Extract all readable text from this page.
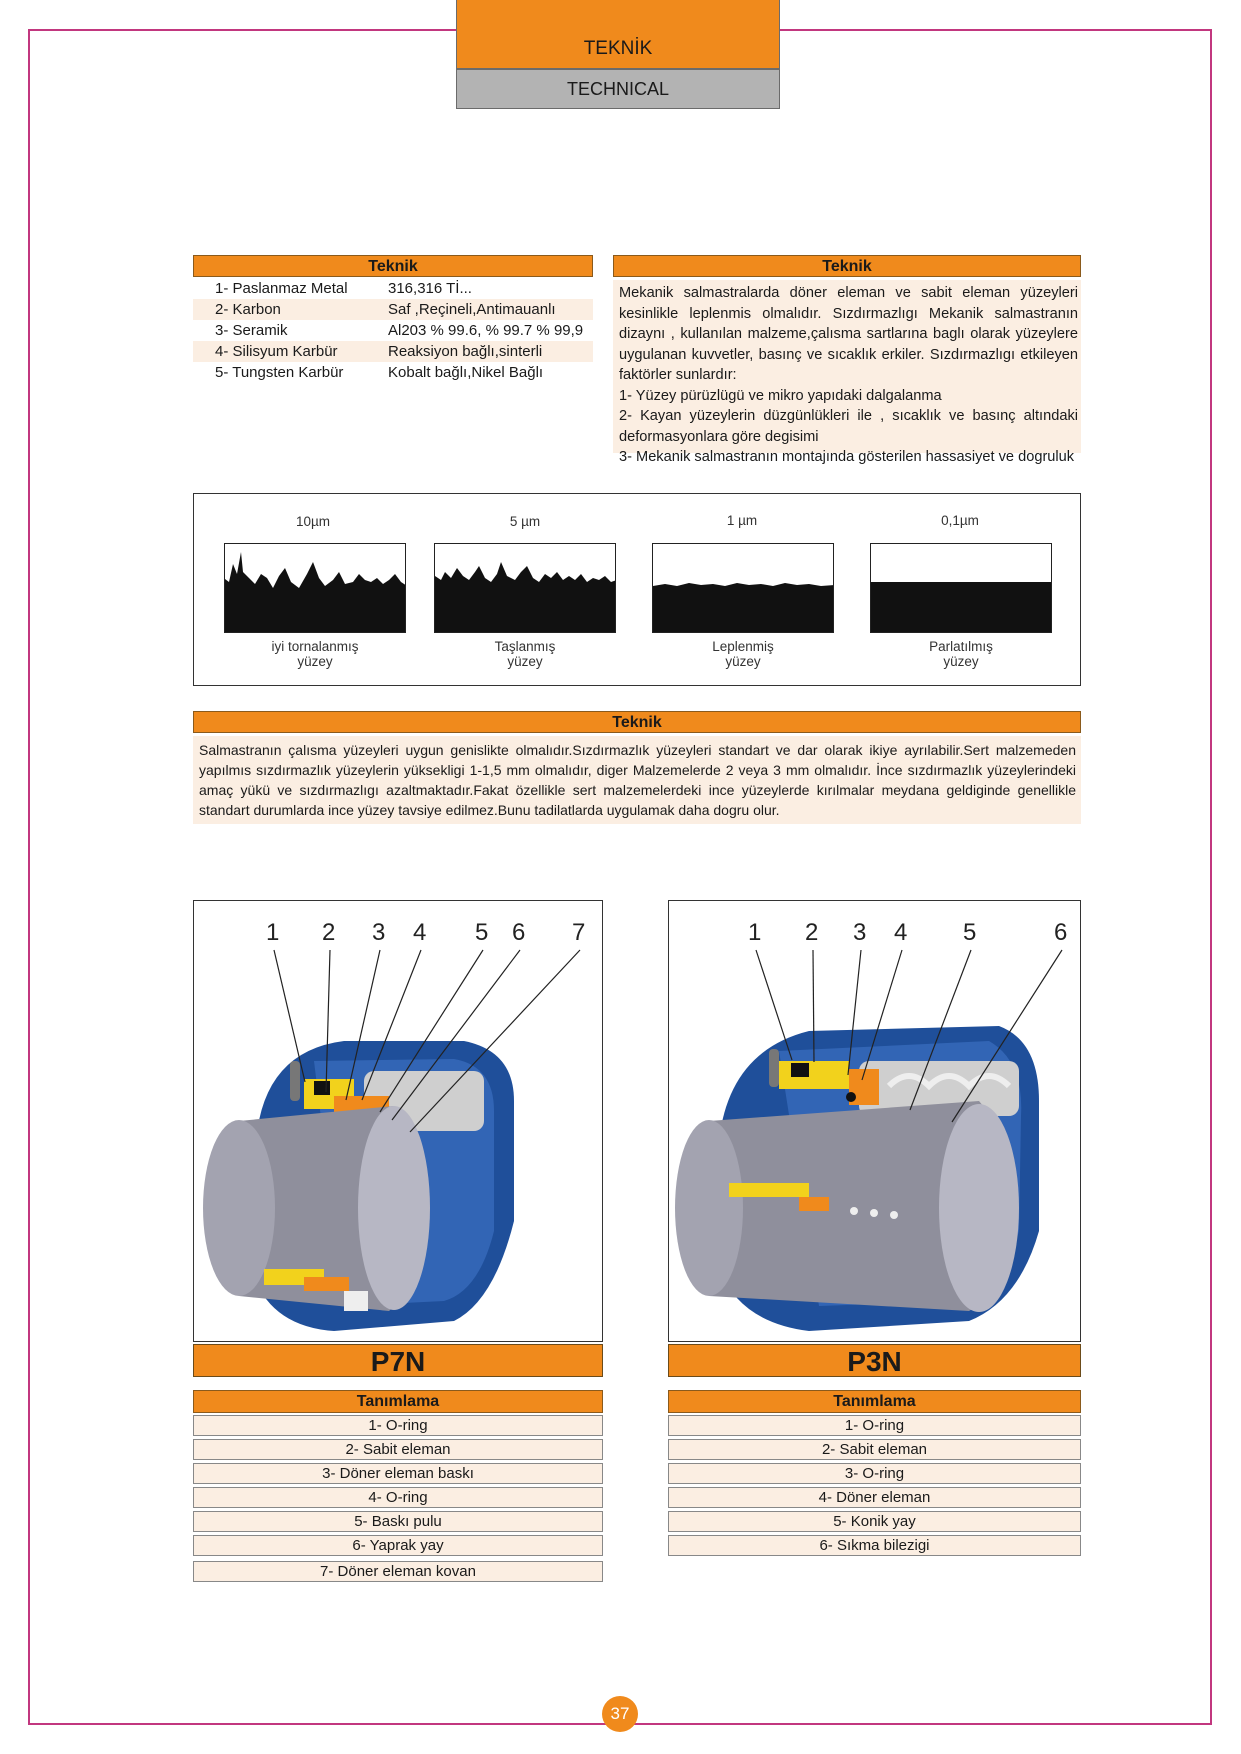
TEKNİK
TECHNICAL
Teknik
1- Paslanmaz Metal	316,316 Tİ...
2- Karbon	Saf ,Reçineli,Antimauanlı
3- Seramik	Al203 % 99.6, % 99.7 % 99,9
4- Silisyum Karbür	Reaksiyon bağlı,sinterli
5- Tungsten Karbür	Kobalt bağlı,Nikel Bağlı
Teknik

Mekanik salmastralarda döner eleman ve sabit eleman yüzeyleri kesinlikle leplenmis olmalıdır. Sızdırmazlıgı Mekanik salmastranın dizaynı , kullanılan malzeme,çalısma sartlarına baglı olarak yüzeylere uygulanan kuvvetler, basınç ve sıcaklık erkiler. Sızdırmazlıgı etkileyen faktörler sunlardır:

1- Yüzey pürüzlügü ve mikro yapıdaki dalgalanma

2- Kayan yüzeylerin düzgünlükleri ile , sıcaklık ve basınç altındaki deformasyonlara göre degisimi

3- Mekanik salmastranın montajında gösterilen hassasiyet ve dogruluk

10µm	5 µm	1 µm	0,1µm
iyi tornalanmış
yüzey
Taşlanmış
yüzey
Leplenmiş
yüzey
Parlatılmış
yüzey
Teknik
Salmastranın çalısma yüzeyleri uygun genislikte olmalıdır.Sızdırmazlık yüzeyleri standart ve dar olarak ikiye ayrılabilir.Sert malzemeden yapılmıs sızdırmazlık yüzeylerin yüksekligi 1-1,5 mm olmalıdır, diger Malzemelerde 2 veya 3 mm olmalıdır. İnce sızdırmazlık yüzeylerindeki amaç yükü ve sızdırmazlıgı azaltmaktadır.Fakat özellikle sert malzemelerdeki ince yüzeylerde kırılmalar meydana geldiginde genellikle standart durumlarda ince yüzey tavsiye edilmez.Bunu tadilatlarda uygulamak daha dogru olur.
1 2 3 4 5 6 7	1 2 3 4 5	6
P7N	P3N
Tanımlama
1- O-ring
2- Sabit eleman
3- Döner eleman baskı
4- O-ring
5- Baskı pulu
6- Yaprak yay
7- Döner eleman kovan
Tanımlama
1- O-ring
2- Sabit eleman
3- O-ring
4- Döner eleman
5- Konik yay
6- Sıkma bilezigi
37
